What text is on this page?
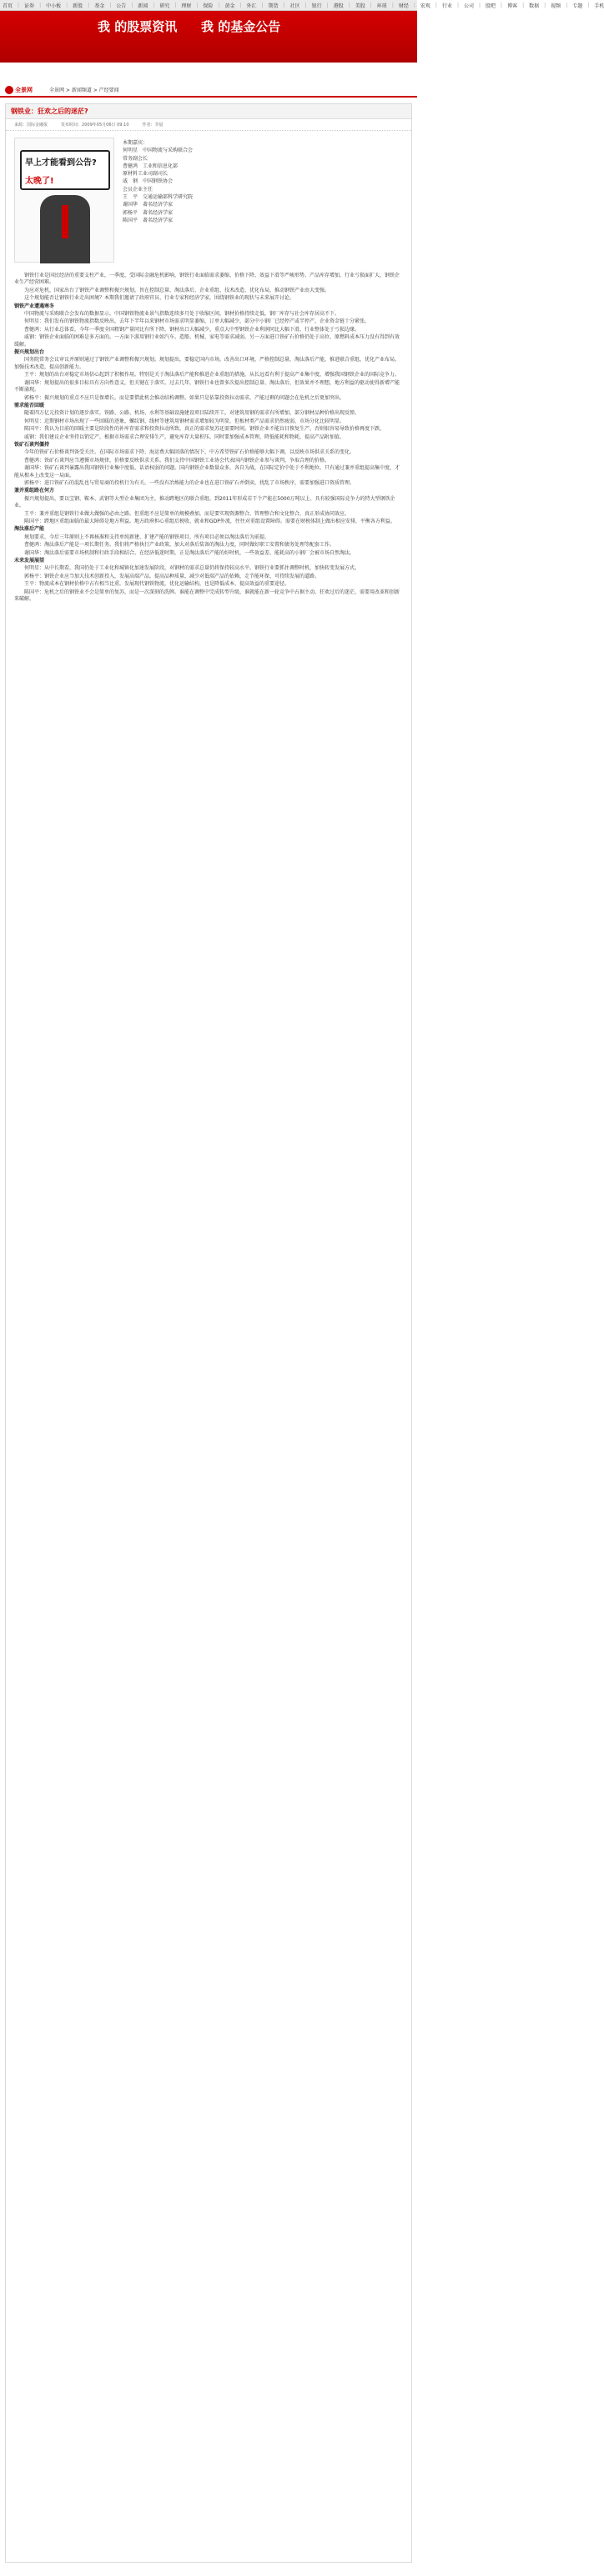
首页 | 证券 | 中小板 | 新股 | 基金 | 公告 | 新闻 | 研究 | 理财 | 保险 | 黄金 | 外汇 | 期货 | 社区 | 银行 | 港股 | 美股 | 环球 | 财经 | 宏观 | 行业 | 公司 | 股吧 | 博客 | 数据 | 视频 | 专题 | 手机
我 的股票资讯 我 的基金公告
全景网	全景网 > 新闻频道 > 产经要闻
钢铁业：狂欢之后的迷茫?
来源：国际金融报	发布时间：2009年05月06日 09:10	作者：李晨
早上才能看到公告?
太晚了!
本期嘉宾：
何明星　中国物流与采购联合会
常务副会长
曹健鸿　工业和信息化部
原材料工业司副司长
戚　钢　中国钢铁协会
会员企业主任
王　平　交通运输部科学研究院
谢国华　著名经济学家
郭杨平　著名经济学家
陈国平　著名经济学家

钢铁行业是国民经济的重要支柱产业，一季度，受国际金融危机影响，钢铁行业面临需求萎缩、价格下降、效益下滑等严峻形势。产品库存增加，行业亏损面扩大，钢铁企业生产经营困难。

为应对危机，国家出台了钢铁产业调整和振兴规划，旨在控制总量、淘汰落后、企业重组、技术改造、优化布局，推动钢铁产业由大变强。

这个规划能否让钢铁行业走出困境？本期我们邀请了政府官员、行业专家和经济学家，围绕钢铁业的现状与未来展开讨论。

钢铁产业遭遇寒冬

中国物流与采购联合会发布的数据显示，中国钢铁物流业景气指数连续多月处于收缩区间，钢材价格持续走低，钢厂库存与社会库存居高不下。

何明星：我们发布的钢铁物流指数反映出，去年下半年以来钢材市场需求明显萎缩，订单大幅减少，部分中小钢厂已经停产或半停产，企业资金链十分紧张。

曹健鸿：从行业总体看，今年一季度全国粗钢产量同比有所下降，钢材出口大幅减少，重点大中型钢铁企业利润同比大幅下滑，行业整体处于亏损边缘。

戚钢：钢铁企业面临的困难是多方面的。一方面下游用钢行业如汽车、造船、机械、家电等需求减弱，另一方面进口铁矿石价格仍处于高位，原燃料成本压力没有得到有效缓解。

振兴规划出台

国务院常务会议审议并原则通过了钢铁产业调整和振兴规划。规划提出，要稳定国内市场，改善出口环境，严格控制总量，淘汰落后产能，推进联合重组，优化产业布局，加强技术改造，提高创新能力。

王平：规划的出台对稳定市场信心起到了积极作用。特别是关于淘汰落后产能和推进企业重组的措施，从长远看有利于提高产业集中度，增强我国钢铁企业的国际竞争力。

谢国华：规划提出的很多目标具有方向性意义，但关键在于落实。过去几年，钢铁行业也曾多次提出控制总量、淘汰落后，但效果并不理想，地方利益的驱动使得新增产能不断涌现。

郭杨平：振兴规划的重点不应只是保增长，而是要借此机会推动结构调整。如果只是依靠投资拉动需求，产能过剩的问题会在危机之后更加突出。

需求能否回暖

随着四万亿元投资计划的逐步落实，铁路、公路、机场、水利等基础设施建设项目陆续开工，对建筑用钢的需求有所增加，部分钢材品种价格出现反弹。

何明星：近期钢材市场出现了一些回暖的迹象，螺纹钢、线材等建筑用钢材需求增加较为明显，但板材类产品需求仍然疲弱，市场分化比较明显。

陈国平：我认为目前的回暖主要是阶段性的补库存需求和投资拉动所致，真正的需求复苏还需要时间。钢铁企业不能盲目恢复生产，否则很容易导致价格再度下跌。

戚钢：我们建议企业坚持以销定产，根据市场需求合理安排生产，避免库存大量积压。同时要加强成本管理，降低能耗和物耗，提高产品附加值。

铁矿石谈判僵持

今年的铁矿石价格谈判备受关注。在国际市场需求下降、海运费大幅回落的情况下，中方希望铁矿石价格能够大幅下调，以反映市场供求关系的变化。

曹健鸿：铁矿石谈判应当遵循市场规律，价格要反映供求关系。我们支持中国钢铁工业协会代表国内钢铁企业参与谈判，争取合理的价格。

谢国华：铁矿石谈判暴露出我国钢铁行业集中度低、话语权弱的问题。国内钢铁企业数量众多，各自为战，在国际定价中处于不利地位。只有通过兼并重组提高集中度，才能从根本上改变这一局面。

郭杨平：进口铁矿石的混乱也与贸易商的投机行为有关。一些没有冶炼能力的企业也在进口铁矿石并倒卖，扰乱了市场秩序，需要加强进口资质管理。

兼并重组路在何方

振兴规划提出，要以宝钢、鞍本、武钢等大型企业集团为主，推动跨地区的联合重组，到2011年形成若干个产能在5000万吨以上、具有较强国际竞争力的特大型钢铁企业。

王平：兼并重组是钢铁行业做大做强的必由之路。但重组不应是简单的规模叠加，而是要实现资源整合、管理整合和文化整合，真正形成协同效应。

陈国平：跨地区重组面临的最大障碍是地方利益。地方政府担心重组后税收、就业和GDP外流，往往对重组设置障碍。需要在财税体制上做出相应安排，平衡各方利益。

淘汰落后产能

规划要求，今后三年原则上不再核准和支持单纯新建、扩建产能的钢铁项目，所有项目必须以淘汰落后为前提。

曹健鸿：淘汰落后产能是一项长期任务。我们将严格执行产业政策，加大对落后装备的淘汰力度，同时做好职工安置和债务处理等配套工作。

谢国华：淘汰落后需要市场机制和行政手段相结合。在经济低迷时期，正是淘汰落后产能的好时机，一些效益差、能耗高的小钢厂会被市场自然淘汰。

未来发展展望

何明星：从中长期看，我国仍处于工业化和城镇化加速发展阶段，对钢材的需求总量仍将保持较高水平。钢铁行业要抓住调整时机，加快转变发展方式。

郭杨平：钢铁企业应当加大技术创新投入，发展高端产品，提高品种质量，减少对低端产品的依赖，走节能环保、可持续发展的道路。

王平：物流成本在钢材价格中占有相当比重，发展现代钢铁物流，优化运输结构，也是降低成本、提高效益的重要途径。

陈国平：危机之后的钢铁业不会是简单的复苏，而是一次深刻的洗牌。谁能在调整中完成转型升级，谁就能在新一轮竞争中占据主动。狂欢过后的迷茫，需要用改革和创新来破解。
